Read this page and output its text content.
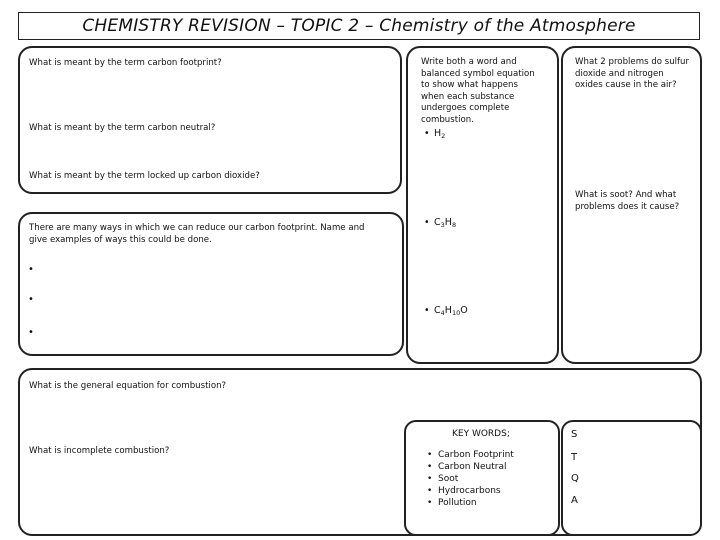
CHEMISTRY REVISION – TOPIC 2 – Chemistry of the Atmosphere
What is meant by the term carbon footprint?
What is meant by the term carbon neutral?
What is meant by the term locked up carbon dioxide?
There are many ways in which we can reduce our carbon footprint. Name and give examples of ways this could be done.
•
•
•
Write both a word and balanced symbol equation to show what happens when each substance undergoes complete combustion.
• $H_2$
• $C_3H_8$
• $C_4H_{10}O$
What 2 problems do sulfur dioxide and nitrogen oxides cause in the air?
What is soot? And what problems does it cause?
What is the general equation for combustion?
What is incomplete combustion?
KEY WORDS;
• Carbon Footprint
• Carbon Neutral
• Soot
• Hydrocarbons
• Pollution
S
T
Q
A
